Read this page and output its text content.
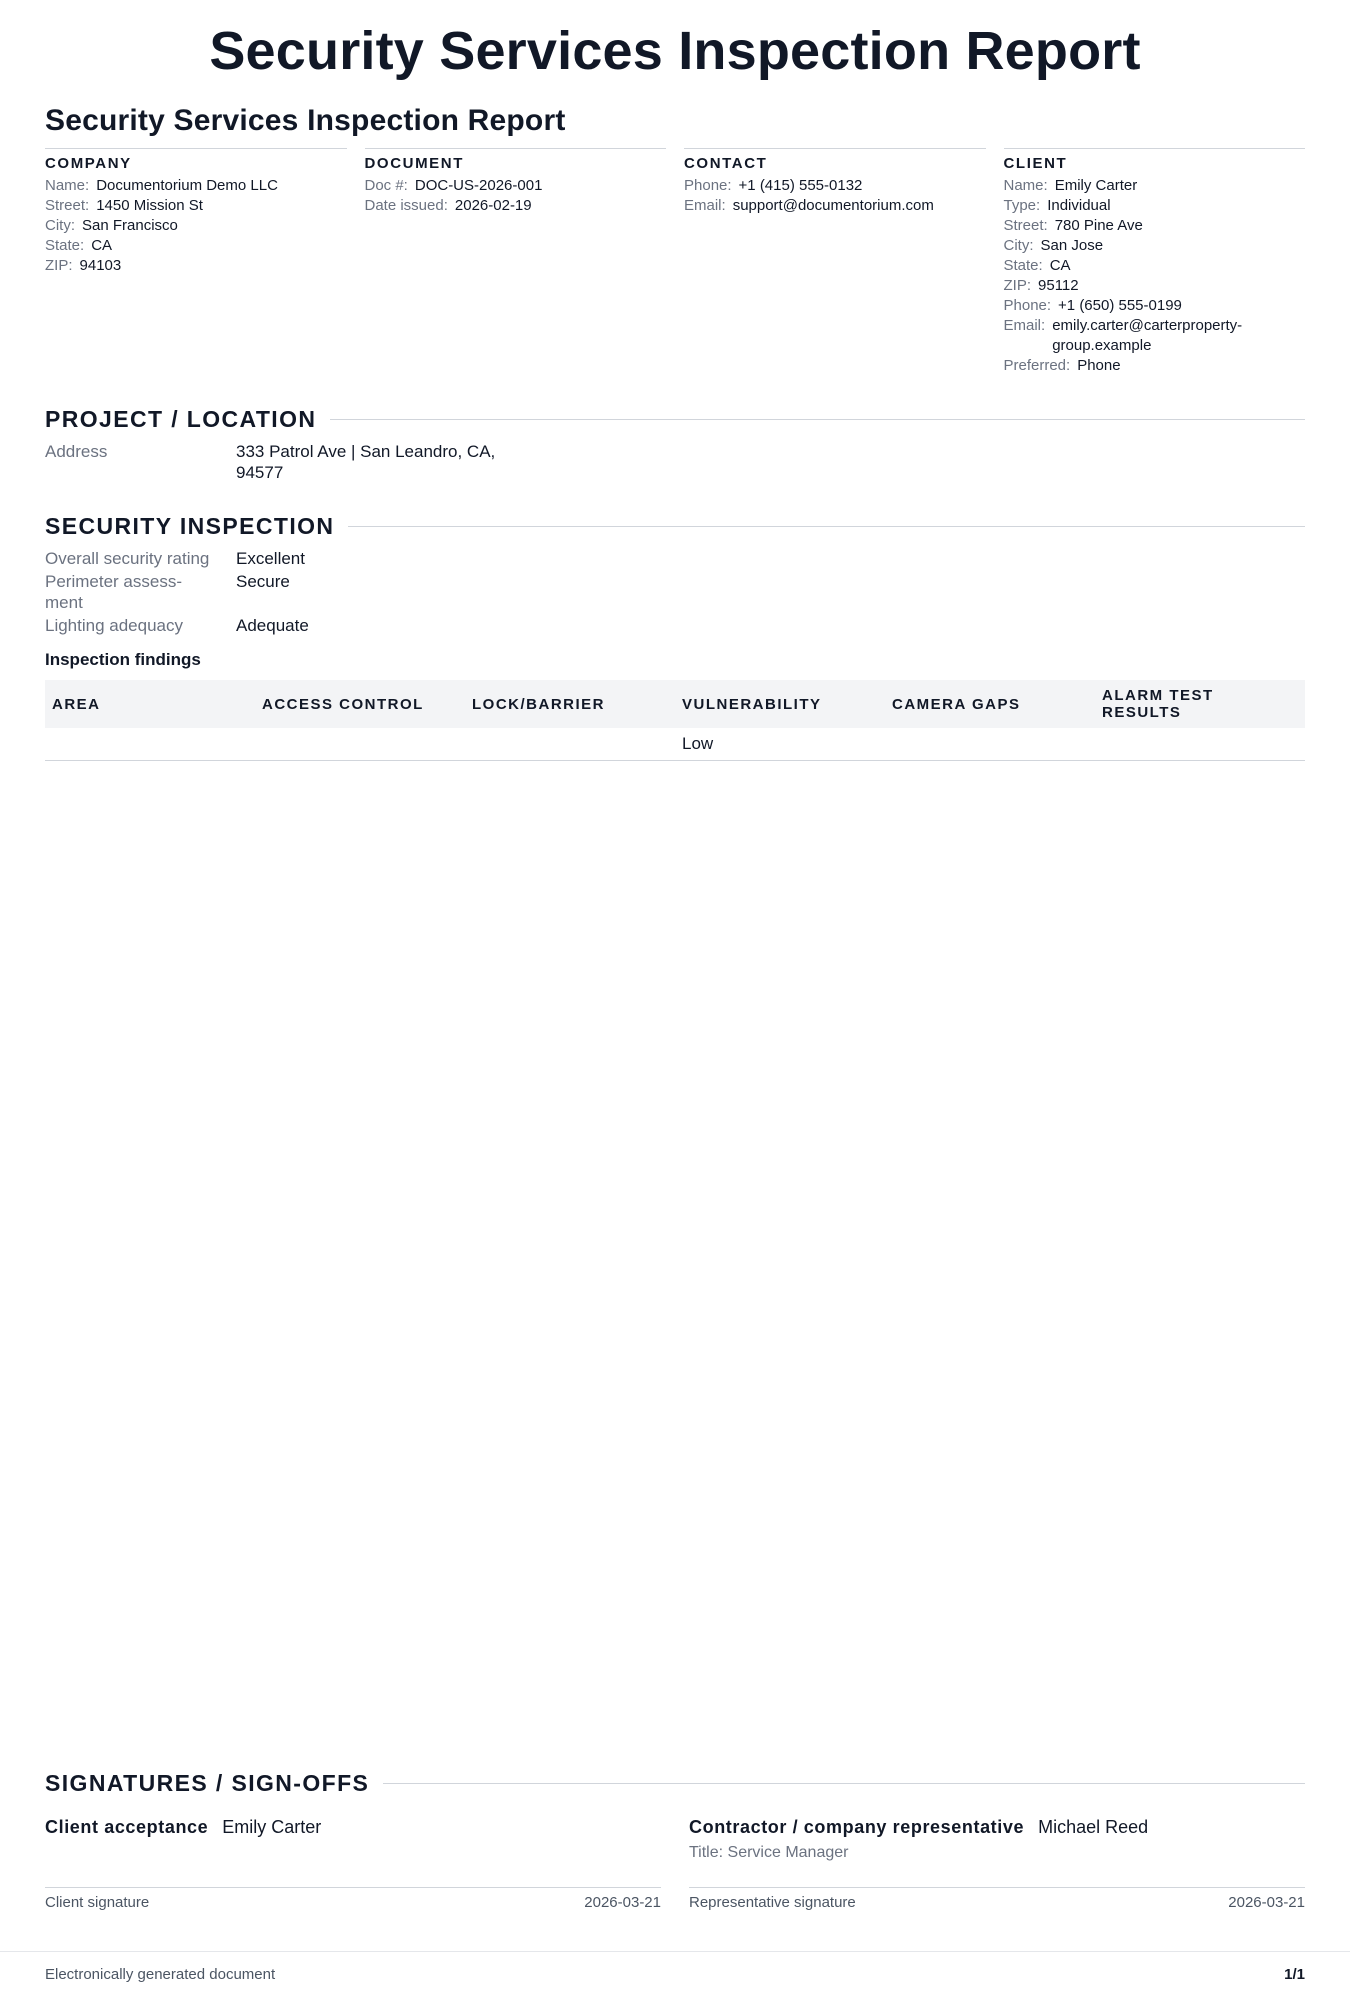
Security Services Inspection Report
Security Services Inspection Report
COMPANY
Name: Documentorium Demo LLC
Street: 1450 Mission St
City: San Francisco
State: CA
ZIP: 94103
DOCUMENT
Doc #: DOC-US-2026-001
Date issued: 2026-02-19
CONTACT
Phone: +1 (415) 555-0132
Email: support@documentorium.com
CLIENT
Name: Emily Carter
Type: Individual
Street: 780 Pine Ave
City: San Jose
State: CA
ZIP: 95112
Phone: +1 (650) 555-0199
Email: emily.carter@carterproperty-group.example
Preferred: Phone
PROJECT / LOCATION
Address	333 Patrol Ave | San Leandro, CA, 94577
SECURITY INSPECTION
Overall security rating	Excellent
Perimeter assess-ment
Secure
Lighting adequacy	Adequate
Inspection findings
AREA	ACCESS CONTROL	LOCK/BARRIER	VULNERABILITY	CAMERA GAPS	ALARM TEST RESULTS
			Low		
SIGNATURES / SIGN-OFFS
Client acceptance Emily Carter
Client signature	2026-03-21
Contractor / company representative Michael Reed
Title: Service Manager
Representative signature	2026-03-21
Electronically generated document	1/1
